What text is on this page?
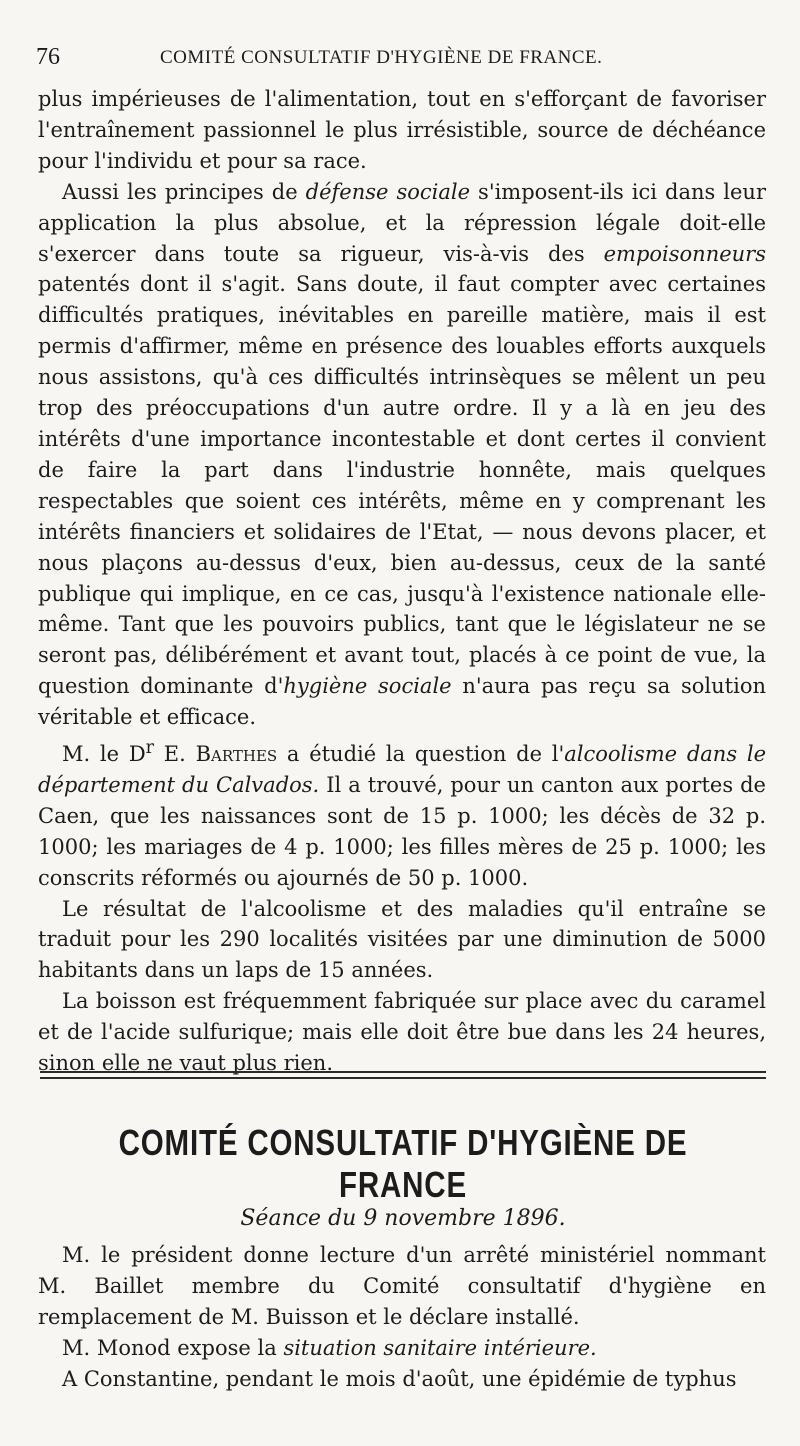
76	COMITÉ CONSULTATIF D'HYGIÈNE DE FRANCE.

plus impérieuses de l'alimentation, tout en s'efforçant de favoriser l'entraînement passionnel le plus irrésistible, source de déchéance pour l'individu et pour sa race.

Aussi les principes de défense sociale s'imposent-ils ici dans leur application la plus absolue, et la répression légale doit-elle s'exercer dans toute sa rigueur, vis-à-vis des empoisonneurs patentés dont il s'agit. Sans doute, il faut compter avec certaines difficultés pratiques, inévitables en pareille matière, mais il est permis d'affirmer, même en présence des louables efforts auxquels nous assistons, qu'à ces difficultés intrinsèques se mêlent un peu trop des préoccupations d'un autre ordre. Il y a là en jeu des intérêts d'une importance incontestable et dont certes il convient de faire la part dans l'industrie honnête, mais quelques respectables que soient ces intérêts, même en y comprenant les intérêts financiers et solidaires de l'Etat, — nous devons placer, et nous plaçons au-dessus d'eux, bien au-dessus, ceux de la santé publique qui implique, en ce cas, jusqu'à l'existence nationale elle-même. Tant que les pouvoirs publics, tant que le législateur ne se seront pas, délibérément et avant tout, placés à ce point de vue, la question dominante d'hygiène sociale n'aura pas reçu sa solution véritable et efficace.

M. le $D^r$ E. Barthes a étudié la question de l'alcoolisme dans le département du Calvados. Il a trouvé, pour un canton aux portes de Caen, que les naissances sont de 15 p. 1000; les décès de 32 p. 1000; les mariages de 4 p. 1000; les filles mères de 25 p. 1000; les conscrits réformés ou ajournés de 50 p. 1000.

Le résultat de l'alcoolisme et des maladies qu'il entraîne se traduit pour les 290 localités visitées par une diminution de 5000 habitants dans un laps de 15 années.

La boisson est fréquemment fabriquée sur place avec du caramel et de l'acide sulfurique; mais elle doit être bue dans les 24 heures, sinon elle ne vaut plus rien.

COMITÉ CONSULTATIF D'HYGIÈNE DE FRANCE
Séance du 9 novembre 1896.

M. le président donne lecture d'un arrêté ministériel nommant M. Baillet membre du Comité consultatif d'hygiène en remplacement de M. Buisson et le déclare installé.

M. Monod expose la situation sanitaire intérieure.

A Constantine, pendant le mois d'août, une épidémie de typhus
